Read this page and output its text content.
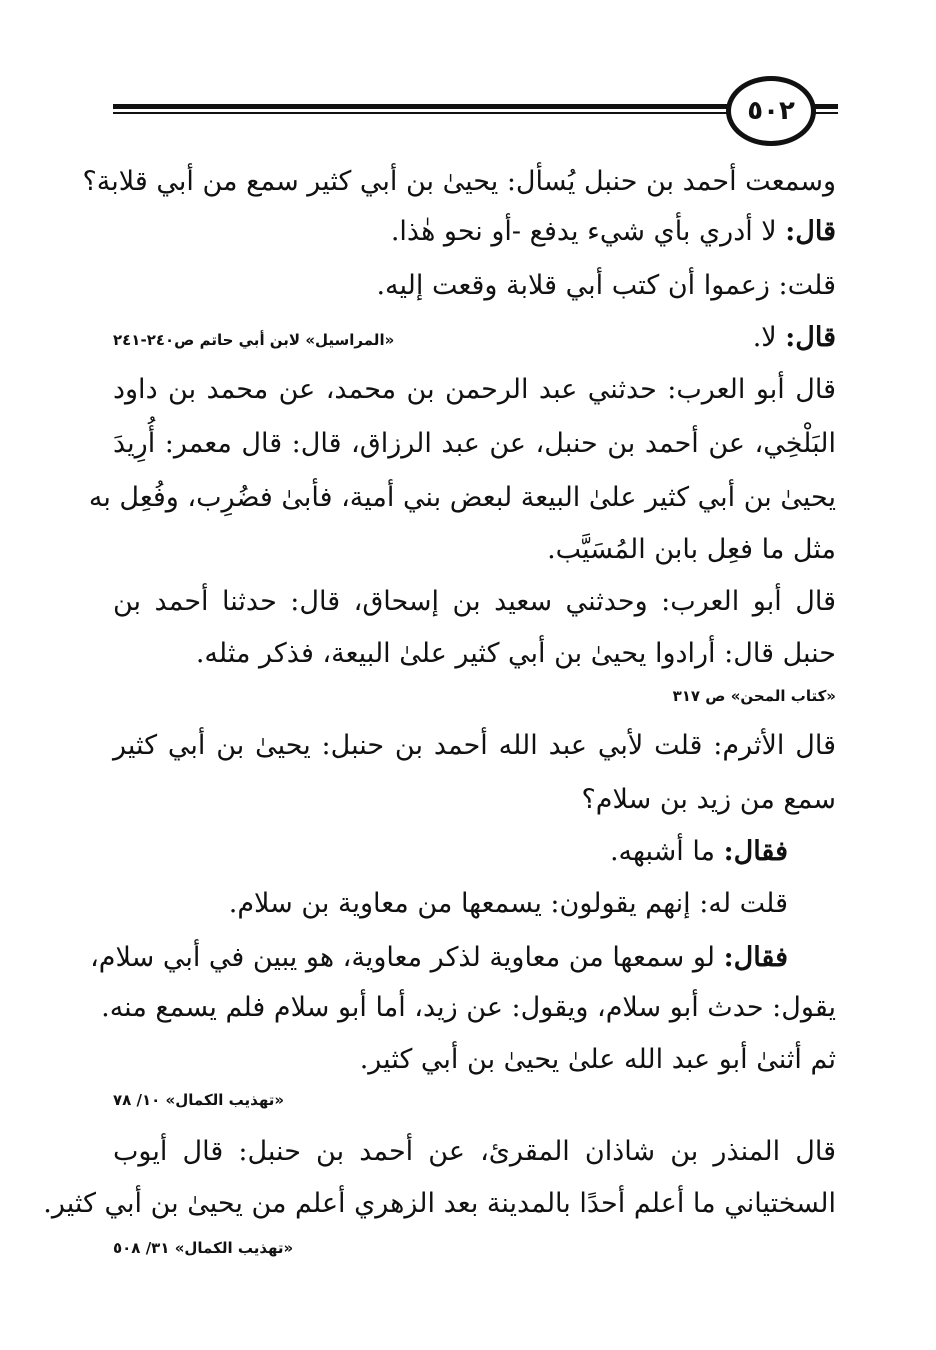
٥٠٢
وسمعت أحمد بن حنبل يُسأل: يحيىٰ بن أبي كثير سمع من أبي قلابة؟
قال: لا أدري بأي شيء يدفع -أو نحو هٰذا.
قلت: زعموا أن كتب أبي قلابة وقعت إليه.
قال: لا.
«المراسيل» لابن أبي حاتم ص٢٤٠-٢٤١
قال أبو العرب: حدثني عبد الرحمن بن محمد، عن محمد بن داود
البَلْخِي، عن أحمد بن حنبل، عن عبد الرزاق، قال: قال معمر: أُرِيدَ
يحيىٰ بن أبي كثير علىٰ البيعة لبعض بني أمية، فأبىٰ فضُرِب، وفُعِل به
مثل ما فعِل بابن المُسَيَّب.
قال أبو العرب: وحدثني سعيد بن إسحاق، قال: حدثنا أحمد بن
حنبل قال: أرادوا يحيىٰ بن أبي كثير علىٰ البيعة، فذكر مثله.
«كتاب المحن» ص ٣١٧
قال الأثرم: قلت لأبي عبد الله أحمد بن حنبل: يحيىٰ بن أبي كثير
سمع من زيد بن سلام؟
فقال: ما أشبهه.
قلت له: إنهم يقولون: يسمعها من معاوية بن سلام.
فقال: لو سمعها من معاوية لذكر معاوية، هو يبين في أبي سلام،
يقول: حدث أبو سلام، ويقول: عن زيد، أما أبو سلام فلم يسمع منه.
ثم أثنىٰ أبو عبد الله علىٰ يحيىٰ بن أبي كثير.
«تهذيب الكمال» ١٠/ ٧٨
قال المنذر بن شاذان المقرئ، عن أحمد بن حنبل: قال أيوب
السختياني ما أعلم أحدًا بالمدينة بعد الزهري أعلم من يحيىٰ بن أبي كثير.
«تهذيب الكمال» ٣١/ ٥٠٨
